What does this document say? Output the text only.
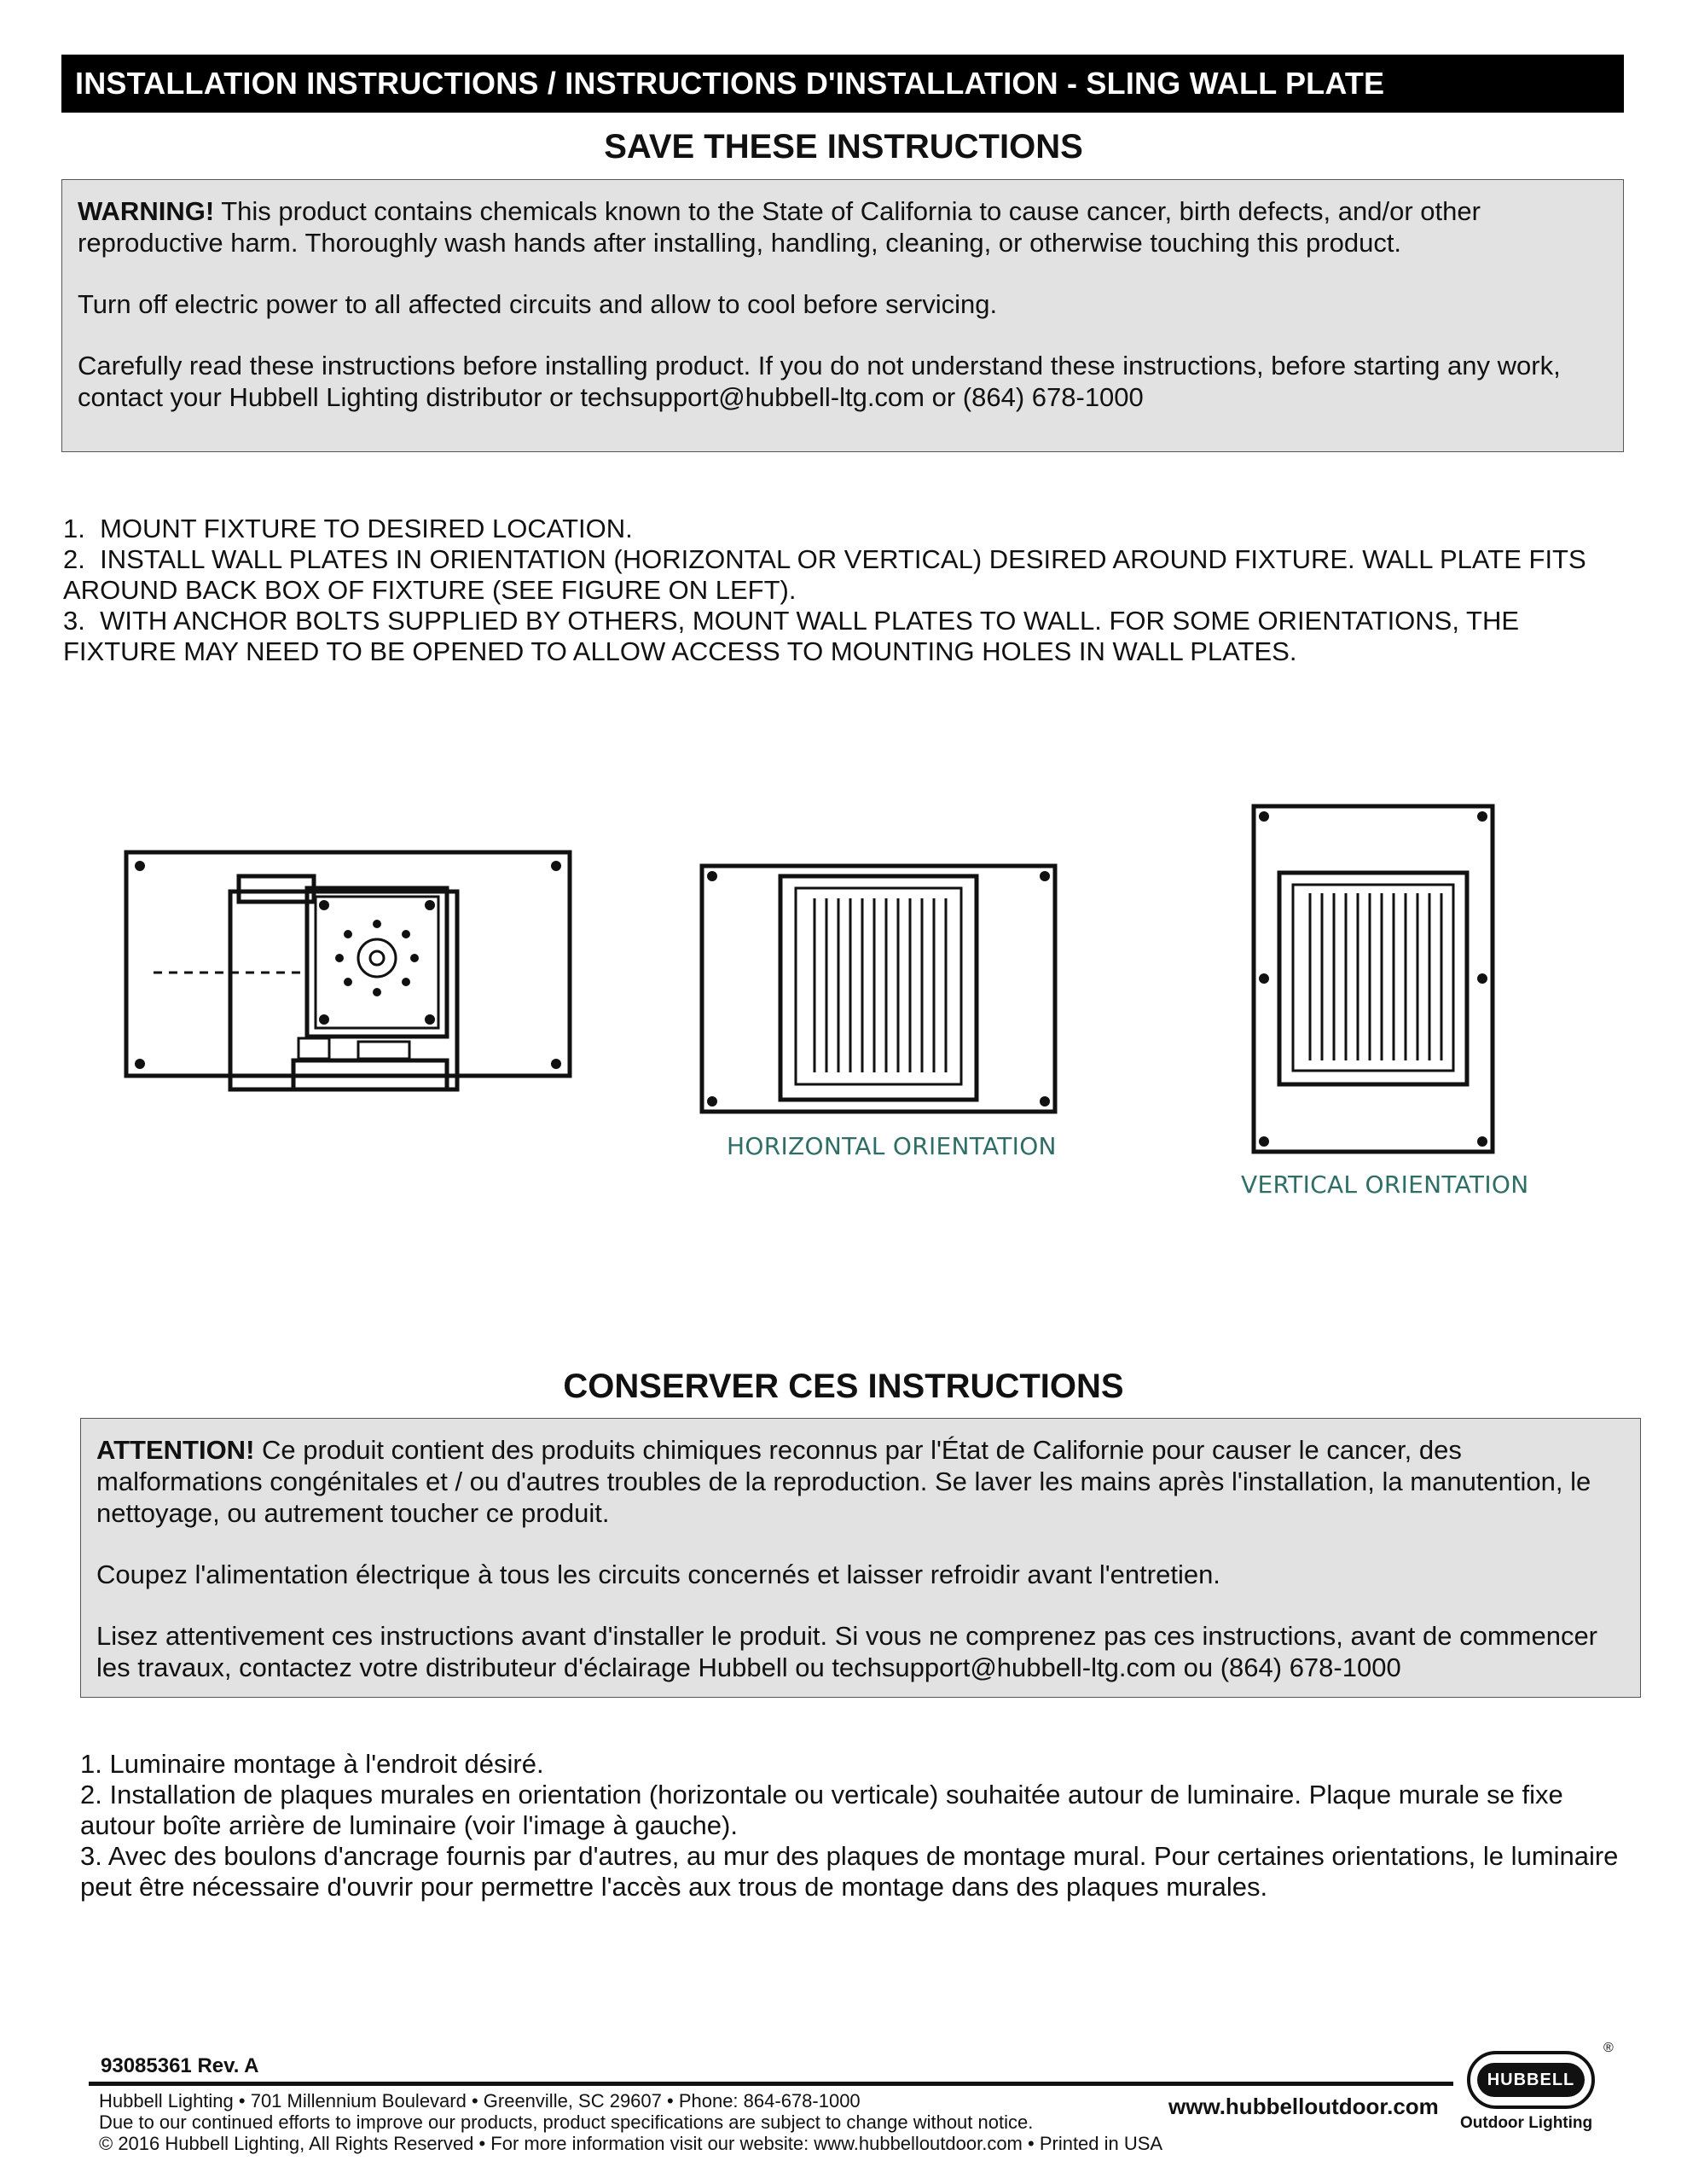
INSTALLATION INSTRUCTIONS / INSTRUCTIONS D'INSTALLATION - SLING WALL PLATE
SAVE THESE INSTRUCTIONS

WARNING! This product contains chemicals known to the State of California to cause cancer, birth defects, and/or other reproductive harm. Thoroughly wash hands after installing, handling, cleaning, or otherwise touching this product.

Turn off electric power to all affected circuits and allow to cool before servicing.

Carefully read these instructions before installing product. If you do not understand these instructions, before starting any work, contact your Hubbell Lighting distributor or techsupport@hubbell-ltg.com or (864) 678-1000

1.  MOUNT FIXTURE TO DESIRED LOCATION.
2.  INSTALL WALL PLATES IN ORIENTATION (HORIZONTAL OR VERTICAL) DESIRED AROUND FIXTURE. WALL PLATE FITS AROUND BACK BOX OF FIXTURE (SEE FIGURE ON LEFT).
3.  WITH ANCHOR BOLTS SUPPLIED BY OTHERS, MOUNT WALL PLATES TO WALL. FOR SOME ORIENTATIONS, THE FIXTURE MAY NEED TO BE OPENED TO ALLOW ACCESS TO MOUNTING HOLES IN WALL PLATES.
HORIZONTAL ORIENTATION
VERTICAL ORIENTATION
CONSERVER CES INSTRUCTIONS

ATTENTION! Ce produit contient des produits chimiques reconnus par l'État de Californie pour causer le cancer, des malformations congénitales et / ou d'autres troubles de la reproduction. Se laver les mains après l'installation, la manutention, le nettoyage, ou autrement toucher ce produit.

Coupez l'alimentation électrique à tous les circuits concernés et laisser refroidir avant l'entretien.

Lisez attentivement ces instructions avant d'installer le produit. Si vous ne comprenez pas ces instructions, avant de commencer les travaux, contactez votre distributeur d'éclairage Hubbell ou techsupport@hubbell-ltg.com ou (864) 678-1000

1. Luminaire montage à l'endroit désiré.
2. Installation de plaques murales en orientation (horizontale ou verticale) souhaitée autour de luminaire. Plaque murale se fixe autour boîte arrière de luminaire (voir l'image à gauche).
3. Avec des boulons d'ancrage fournis par d'autres, au mur des plaques de montage mural. Pour certaines orientations, le luminaire peut être nécessaire d'ouvrir pour permettre l'accès aux trous de montage dans des plaques murales.
93085361 Rev. A
Hubbell Lighting • 701 Millennium Boulevard • Greenville, SC 29607 • Phone: 864-678-1000
Due to our continued efforts to improve our products, product specifications are subject to change without notice.
© 2016 Hubbell Lighting, All Rights Reserved • For more information visit our website: www.hubbelloutdoor.com • Printed in USA
www.hubbelloutdoor.com
HUBBELL
®
Outdoor Lighting
